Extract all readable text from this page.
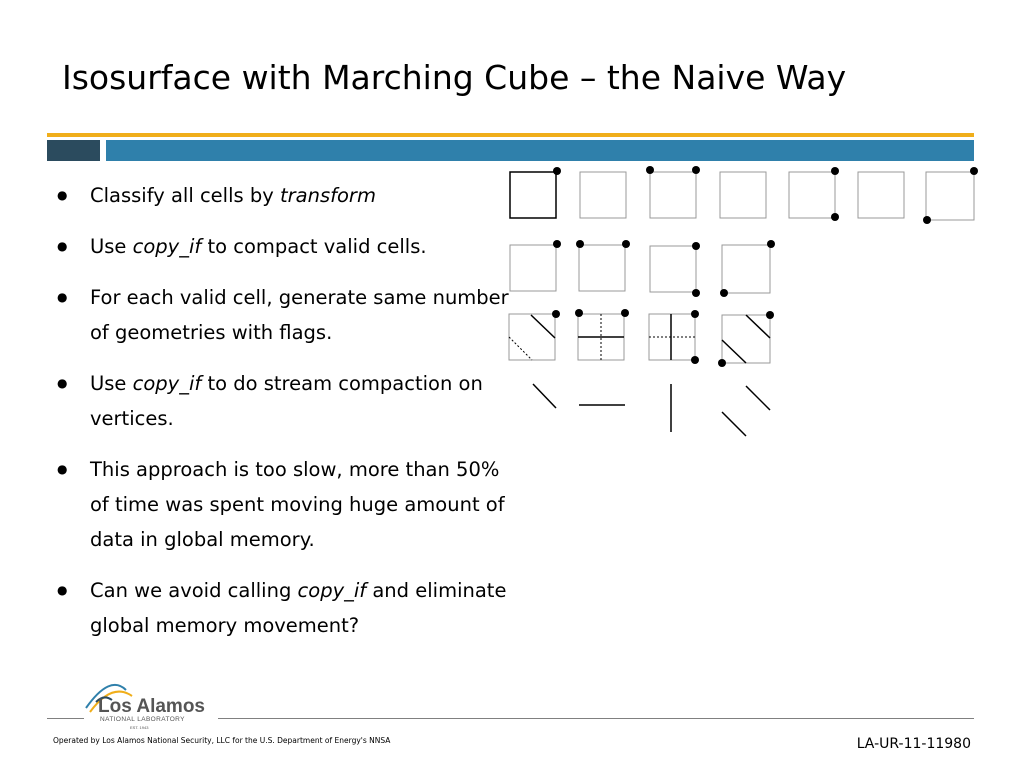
Isosurface with Marching Cube – the Naive Way
● Classify all cells by transform
● Use copy_if to compact valid cells.
● For each valid cell, generate same number of geometries with flags.
● Use copy_if to do stream compaction on vertices.
● This approach is too slow, more than 50% of time was spent moving huge amount of data in global memory.
● Can we avoid calling copy_if and eliminate global memory movement?
Los Alamos
NATIONAL LABORATORY
EST. 1943
Operated by Los Alamos National Security, LLC for the U.S. Department of Energy's NNSA	LA-UR-11-11980
